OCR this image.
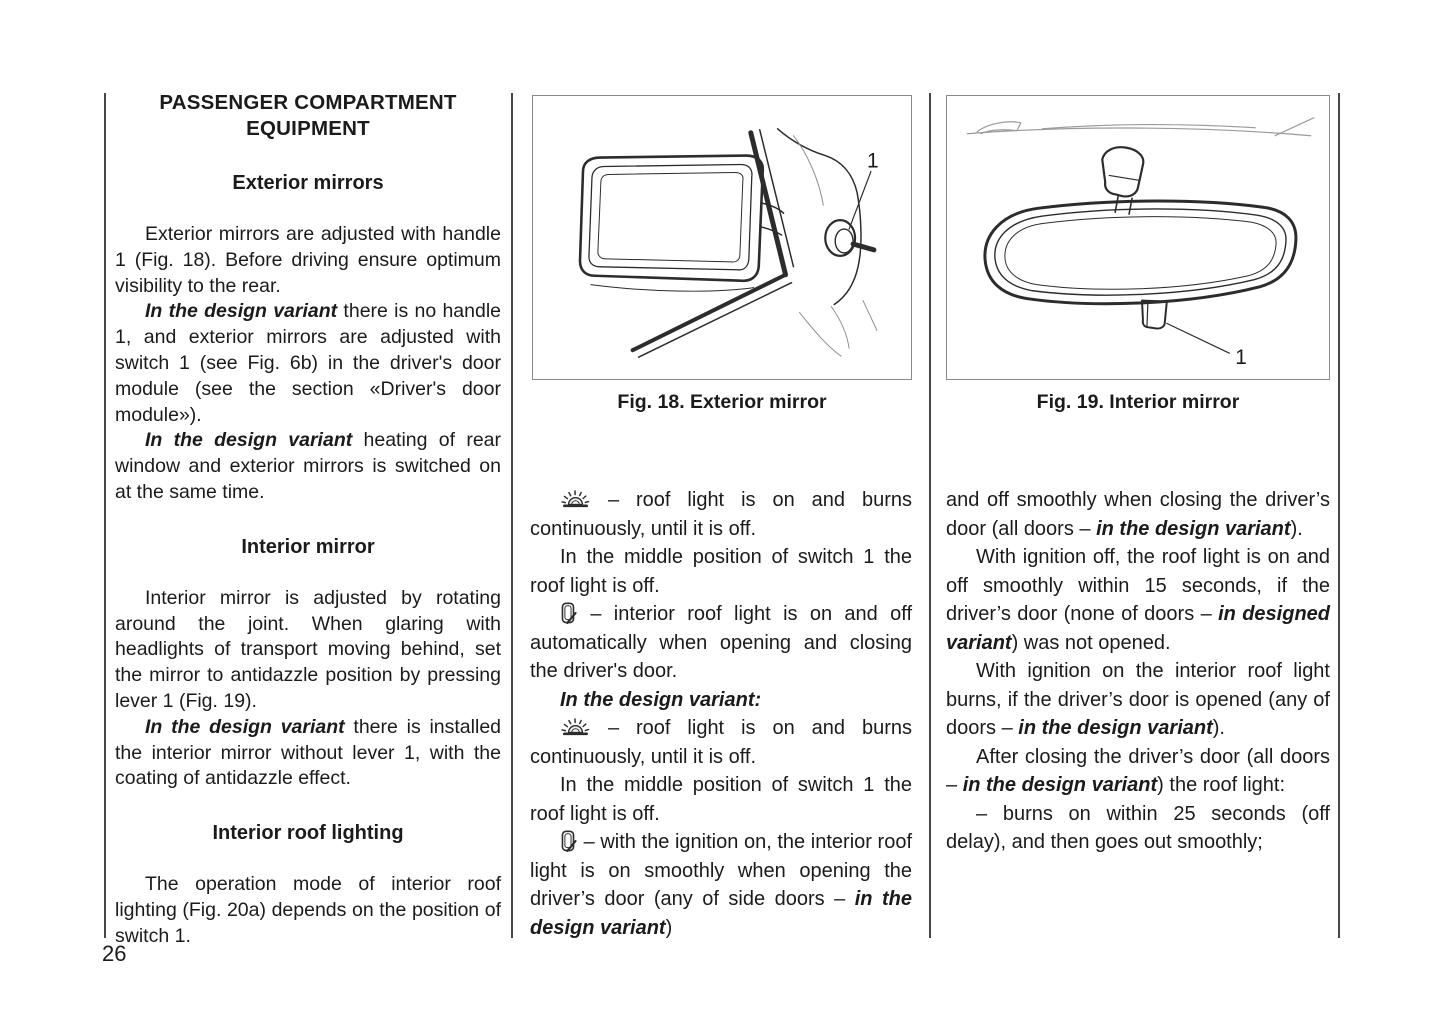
PASSENGER COMPARTMENT
EQUIPMENT
Exterior mirrors

Exterior mirrors are adjusted with handle 1 (Fig. 18). Before driving ensure optimum visibility to the rear.

In the design variant there is no handle 1, and exterior mirrors are adjusted with switch 1 (see Fig. 6b) in the driver's door module (see the section «Driver's door module»).

In the design variant heating of rear window and exterior mirrors is switched on at the same time.

Interior mirror

Interior mirror is adjusted by rotating around the joint. When glaring with headlights of transport moving behind, set the mirror to antidazzle position by pressing lever 1 (Fig. 19).

In the design variant there is installed the interior mirror without lever 1, with the coating of antidazzle effect.

Interior roof lighting

The operation mode of interior roof lighting (Fig. 20a) depends on the position of switch 1.

1
Fig. 18. Exterior mirror
1
Fig. 19. Interior mirror

– roof light is on and burns continuously, until it is off.

In the middle position of switch 1 the roof light is off.

– interior roof light is on and off automatically when opening and closing the driver's door.

In the design variant:

– roof light is on and burns continuously, until it is off.

In the middle position of switch 1 the roof light is off.

– with the ignition on, the interior roof light is on smoothly when opening the driver’s door (any of side doors – in the design variant)

and off smoothly when closing the driver’s door (all doors – in the design variant).

With ignition off, the roof light is on and off smoothly within 15 seconds, if the driver’s door (none of doors – in designed variant) was not opened.

With ignition on the interior roof light burns, if the driver’s door is opened (any of doors – in the design variant).

After closing the driver’s door (all doors – in the design variant) the roof light:

– burns on within 25 seconds (off delay), and then goes out smoothly;

26
